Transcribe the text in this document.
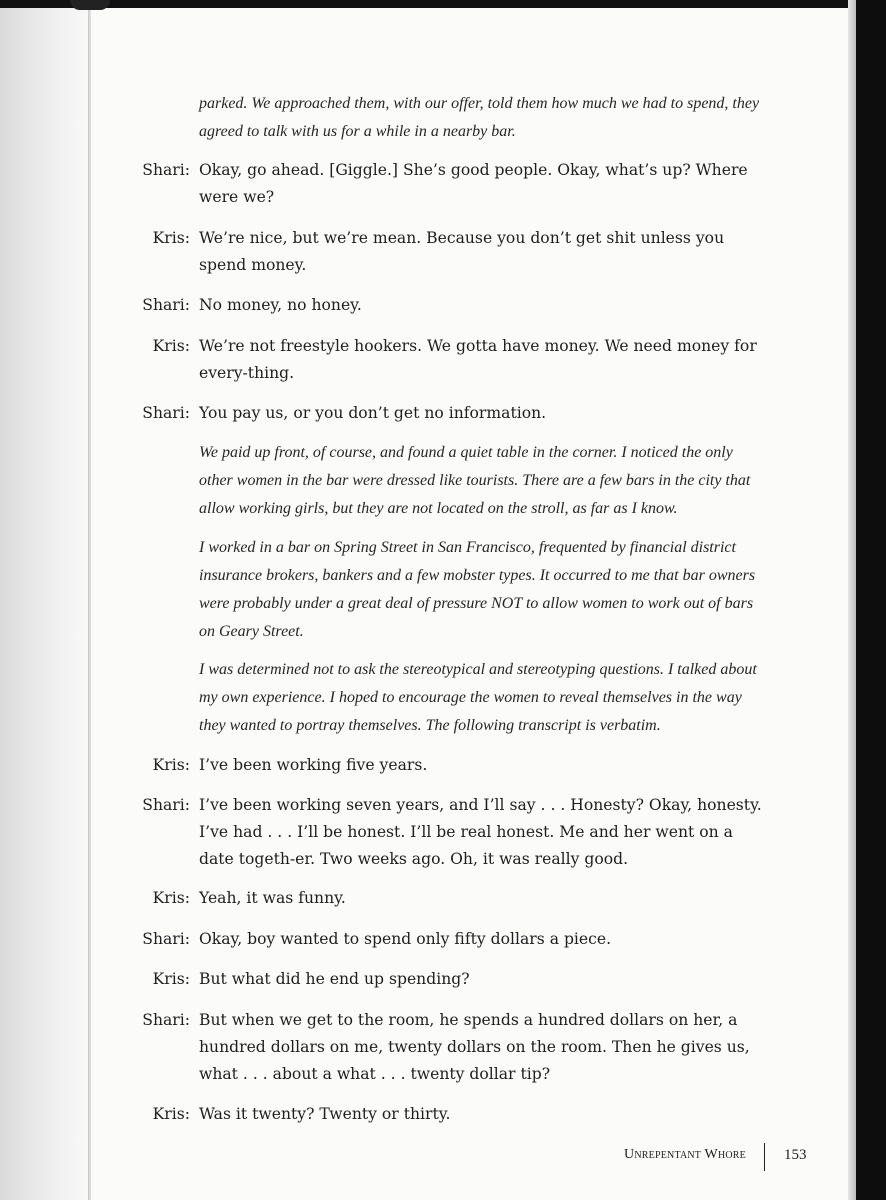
parked. We approached them, with our offer, told them how much we had to spend, they agreed to talk with us for a while in a nearby bar.

Shari: Okay, go ahead. [Giggle.] She’s good people. Okay, what’s up? Where were we?
Kris: We’re nice, but we’re mean. Because you don’t get shit unless you spend money.
Shari: No money, no honey.
Kris: We’re not freestyle hookers. We gotta have money. We need money for every-thing.
Shari: You pay us, or you don’t get no information.

We paid up front, of course, and found a quiet table in the corner. I noticed the only other women in the bar were dressed like tourists. There are a few bars in the city that allow working girls, but they are not located on the stroll, as far as I know.

I worked in a bar on Spring Street in San Francisco, frequented by financial district insurance brokers, bankers and a few mobster types. It occurred to me that bar owners were probably under a great deal of pressure NOT to allow women to work out of bars on Geary Street.

I was determined not to ask the stereotypical and stereotyping questions. I talked about my own experience. I hoped to encourage the women to reveal themselves in the way they wanted to portray themselves. The following transcript is verbatim.

Kris: I’ve been working five years.
Shari: I’ve been working seven years, and I’ll say . . . Honesty? Okay, honesty. I’ve had . . . I’ll be honest. I’ll be real honest. Me and her went on a date togeth-er. Two weeks ago. Oh, it was really good.
Kris: Yeah, it was funny.
Shari: Okay, boy wanted to spend only fifty dollars a piece.
Kris: But what did he end up spending?
Shari: But when we get to the room, he spends a hundred dollars on her, a hundred dollars on me, twenty dollars on the room. Then he gives us, what . . . about a what . . . twenty dollar tip?
Kris: Was it twenty? Twenty or thirty.
Unrepentant Whore	153
